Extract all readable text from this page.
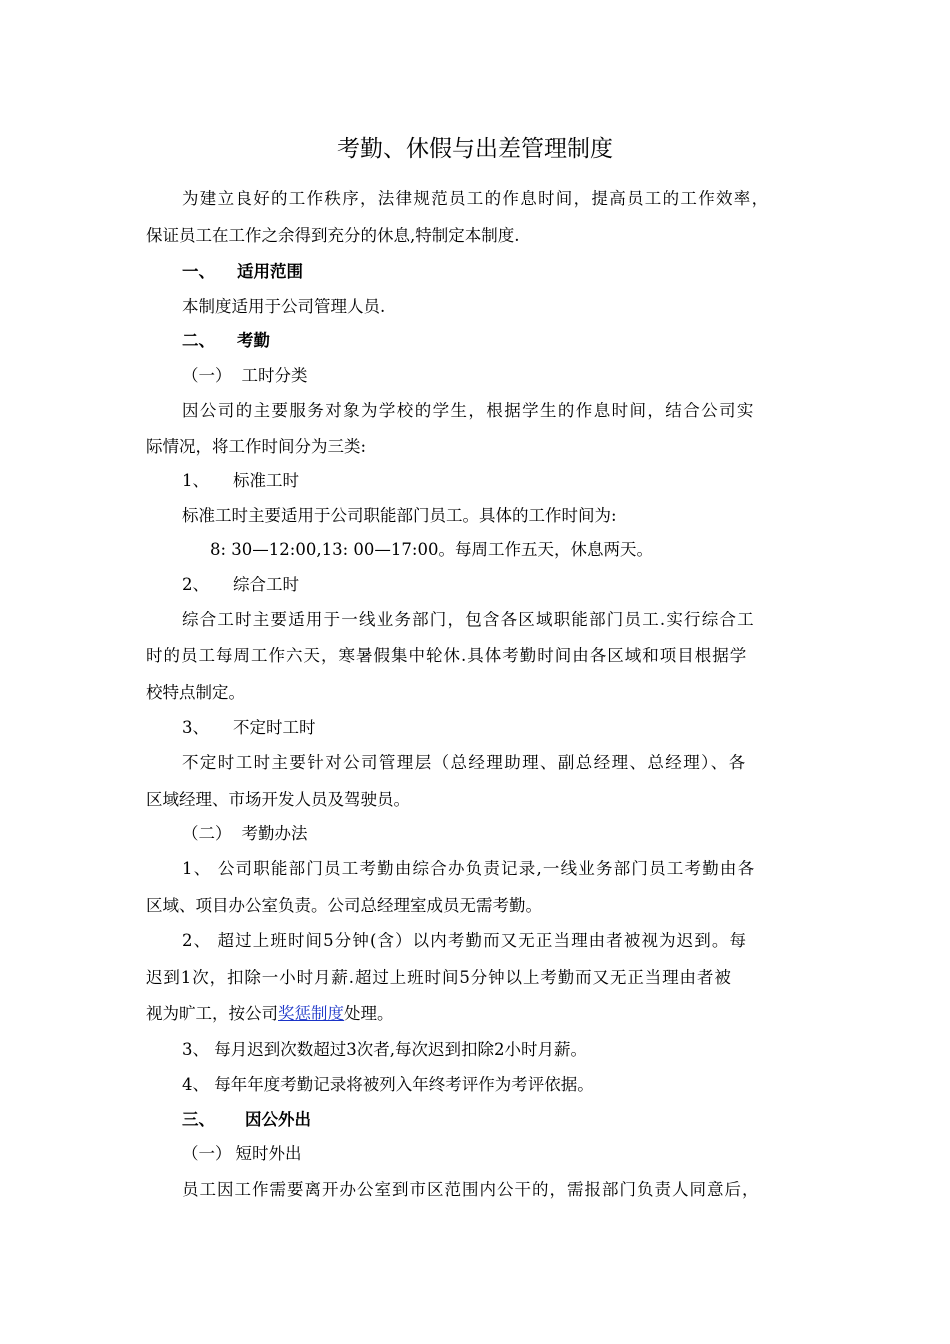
考勤、休假与出差管理制度
为建立良好的工作秩序，法律规范员工的作息时间，提高员工的工作效率，
保证员工在工作之余得到充分的休息,特制定本制度.
一、 适用范围
本制度适用于公司管理人员.
二、 考勤
（一） 工时分类
因公司的主要服务对象为学校的学生，根据学生的作息时间，结合公司实
际情况，将工作时间分为三类:
1、 标准工时
标准工时主要适用于公司职能部门员工。具体的工作时间为:
8: 30—12:00,13: 00—17:00。每周工作五天，休息两天。
2、 综合工时
综合工时主要适用于一线业务部门，包含各区域职能部门员工.实行综合工
时的员工每周工作六天，寒暑假集中轮休.具体考勤时间由各区域和项目根据学
校特点制定。
3、 不定时工时
不定时工时主要针对公司管理层（总经理助理、副总经理、总经理）、各
区域经理、市场开发人员及驾驶员。
（二） 考勤办法
1、 公司职能部门员工考勤由综合办负责记录,一线业务部门员工考勤由各
区域、项目办公室负责。公司总经理室成员无需考勤。
2、 超过上班时间5分钟(含）以内考勤而又无正当理由者被视为迟到。每
迟到1次，扣除一小时月薪.超过上班时间5分钟以上考勤而又无正当理由者被
视为旷工，按公司奖惩制度处理。
3、 每月迟到次数超过3次者,每次迟到扣除2小时月薪。
4、 每年年度考勤记录将被列入年终考评作为考评依据。
三、 因公外出
（一） 短时外出
员工因工作需要离开办公室到市区范围内公干的，需报部门负责人同意后，
